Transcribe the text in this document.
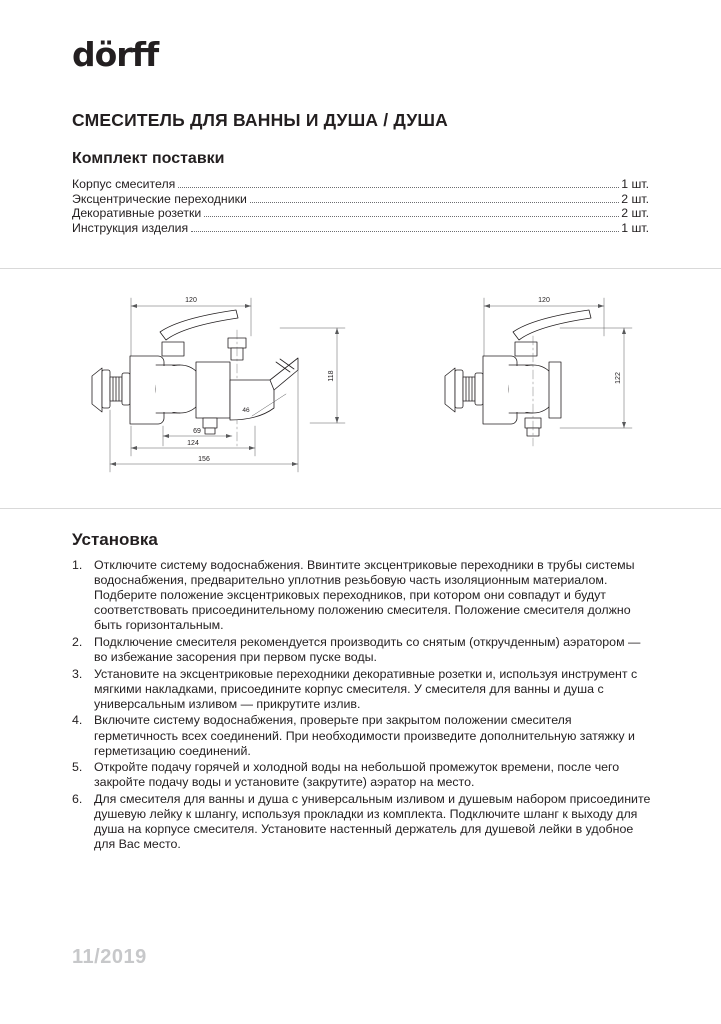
dörff
СМЕСИТЕЛЬ ДЛЯ ВАННЫ И ДУША / ДУША
Комплект поставки
Корпус смесителя	1 шт.
Эксцентрические переходники	2 шт.
Декоративные розетки	2 шт.
Инструкция изделия	1 шт.
120
118
46
69
124
156
120
122
Установка
1. Отключите систему водоснабжения. Ввинтите эксцентриковые переходники в трубы системы водоснабжения, предварительно уплотнив резьбовую часть изоляционным материалом. Подберите положение эксцентриковых переходников, при котором они совпадут и будут соответствовать присоединительному положению смесителя. Положение смесителя должно быть горизонтальным.
2. Подключение смесителя рекомендуется производить со снятым (откручденным) аэратором — во избежание засорения при первом пуске воды.
3. Установите на эксцентриковые переходники декоративные розетки и, используя инструмент с мягкими накладками, присоедините корпус смесителя. У смесителя для ванны и душа с универсальным изливом — прикрутите излив.
4. Включите систему водоснабжения, проверьте при закрытом положении смесителя герметичность всех соединений. При необходимости произведите дополнительную затяжку и герметизацию соединений.
5. Откройте подачу горячей и холодной воды на небольшой промежуток времени, после чего закройте подачу воды и установите (закрутите) аэратор на место.
6. Для смесителя для ванны и душа с универсальным изливом и душевым набором присоедините душевую лейку к шлангу, используя прокладки из комплекта. Подключите шланг к выходу для душа на корпусе смесителя. Установите настенный держатель для душевой лейки в удобное для Вас место.
11/2019
